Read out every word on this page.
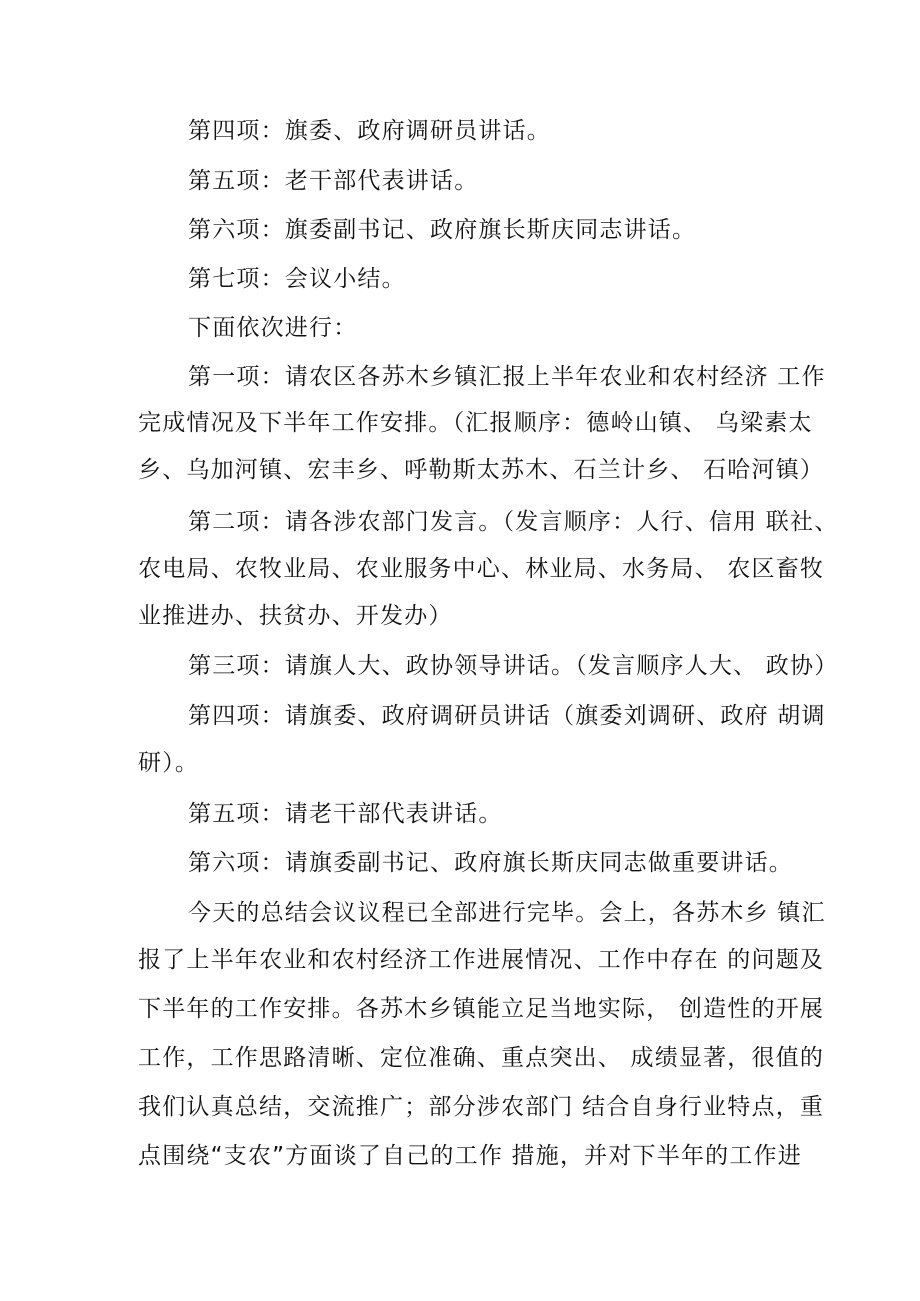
第四项：旗委、政府调研员讲话。
第五项：老干部代表讲话。
第六项：旗委副书记、政府旗长斯庆同志讲话。
第七项：会议小结。
下面依次进行：
第一项：请农区各苏木乡镇汇报上半年农业和农村经济 工作
完成情况及下半年工作安排。（汇报顺序：德岭山镇、 乌梁素太
乡、乌加河镇、宏丰乡、呼勒斯太苏木、石兰计乡、 石哈河镇）
第二项：请各涉农部门发言。（发言顺序：人行、信用 联社、
农电局、农牧业局、农业服务中心、林业局、水务局、 农区畜牧
业推进办、扶贫办、开发办）
第三项：请旗人大、政协领导讲话。（发言顺序人大、 政协）
第四项：请旗委、政府调研员讲话（旗委刘调研、政府 胡调
研）。
第五项：请老干部代表讲话。
第六项：请旗委副书记、政府旗长斯庆同志做重要讲话。
今天的总结会议议程已全部进行完毕。会上，各苏木乡 镇汇
报了上半年农业和农村经济工作进展情况、工作中存在 的问题及
下半年的工作安排。各苏木乡镇能立足当地实际， 创造性的开展
工作，工作思路清晰、定位准确、重点突出、 成绩显著，很值的
我们认真总结，交流推广；部分涉农部门 结合自身行业特点，重
点围绕“支农”方面谈了自己的工作 措施，并对下半年的工作进
